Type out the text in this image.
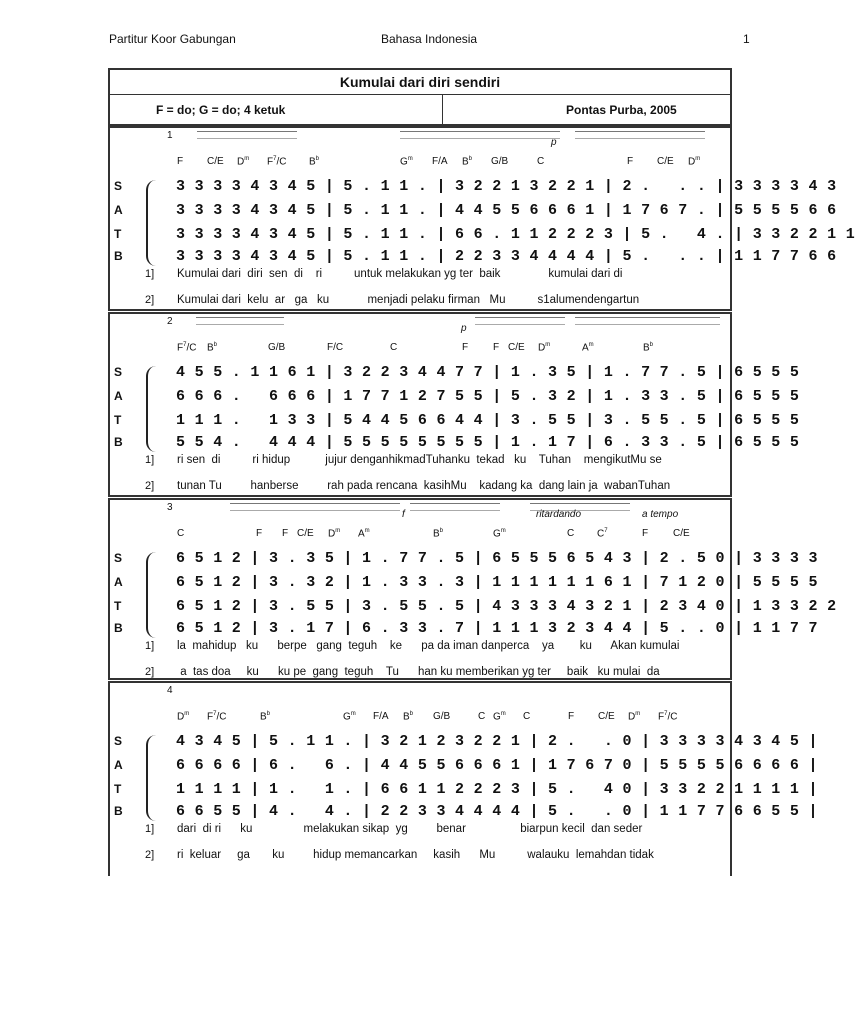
Partitur Koor Gabungan	Bahasa Indonesia	1
Kumulai dari diri sendiri
F = do; G = do; 4 ketuk	Pontas Purba, 2005
1
p
F C/E $D^m$ $F^7/C$ $B^b$	$G^m$ F/A $B^b$ G/B	C	F C/E $D^m$
S	3 3 3 3 4 3 4 5 | 5 . 1 1 . | 3 2 2 1 3 2 2 1 | 2 .   . . | 3 3 3 3 4 3
A	3 3 3 3 4 3 4 5 | 5 . 1 1 . | 4 4 5 5 6 6 6 1 | 1 7 6 7 . | 5 5 5 5 6 6
T	3 3 3 3 4 3 4 5 | 5 . 1 1 . | 6 6 . 1 1 2 2 2 3 | 5 .   4 . | 3 3 2 2 1 1
B	3 3 3 3 4 3 4 5 | 5 . 1 1 . | 2 2 3 3 4 4 4 4 | 5 .   . . | 1 1 7 7 6 6
1] Kumulai dari  diri  sen  di    ri          untuk melakukan yg ter  baik               kumulai dari di
2] Kumulai dari  kelu  ar   ga   ku            menjadi pelaku firman   Mu          s1alumendengartun
2
p
$F^7/C$ $B^b$	G/B	F/C	C	F F C/E $D^m$	$A^m$	$B^b$
S	4 5 5 . 1 1 6 1 | 3 2 2 3 4 4 7 7 | 1 . 3 5 | 1 . 7 7 . 5 | 6 5 5 5
A	6 6 6 .   6 6 6 | 1 7 7 1 2 7 5 5 | 5 . 3 2 | 1 . 3 3 . 5 | 6 5 5 5
T	1 1 1 .   1 3 3 | 5 4 4 5 6 6 4 4 | 3 . 5 5 | 3 . 5 5 . 5 | 6 5 5 5
B	5 5 4 .   4 4 4 | 5 5 5 5 5 5 5 5 | 1 . 1 7 | 6 . 3 3 . 5 | 6 5 5 5
1] ri sen  di          ri hidup           jujur denganhikmadTuhanku  tekad   ku    Tuhan    mengikutMu se
2] tunan Tu         hanberse         rah pada rencana  kasihMu    kadang ka  dang lain ja  wabanTuhan
3
f	ritardando	a tempo
C	F F C/E $D^m$ $A^m$	$B^b$	$G^m$	C $C^7$	F C/E
S	6 5 1 2 | 3 . 3 5 | 1 . 7 7 . 5 | 6 5 5 5 6 5 4 3 | 2 . 5 0 | 3 3 3 3
A	6 5 1 2 | 3 . 3 2 | 1 . 3 3 . 3 | 1 1 1 1 1 1 6 1 | 7 1 2 0 | 5 5 5 5
T	6 5 1 2 | 3 . 5 5 | 3 . 5 5 . 5 | 4 3 3 3 4 3 2 1 | 2 3 4 0 | 1 3 3 2 2
B	6 5 1 2 | 3 . 1 7 | 6 . 3 3 . 7 | 1 1 1 3 2 3 4 4 | 5 . . 0 | 1 1 7 7
1] la  mahidup   ku      berpe   gang  teguh    ke      pa da iman danperca    ya        ku      Akan kumulai
2] a  tas doa     ku      ku pe  gang  teguh    Tu      han ku memberikan yg ter     baik   ku mulai  da
4
$D^m$ $F^7/C$	$B^b$	$G^m$ F/A $B^b$ G/B	C $G^m$ C	F C/E $D^m$ $F^7/C$
S	4 3 4 5 | 5 . 1 1 . | 3 2 1 2 3 2 2 1 | 2 .   . 0 | 3 3 3 3 4 3 4 5 |
A	6 6 6 6 | 6 .   6 . | 4 4 5 5 6 6 6 1 | 1 7 6 7 0 | 5 5 5 5 6 6 6 6 |
T	1 1 1 1 | 1 .   1 . | 6 6 1 1 2 2 2 3 | 5 .   4 0 | 3 3 2 2 1 1 1 1 |
B	6 6 5 5 | 4 .   4 . | 2 2 3 3 4 4 4 4 | 5 .   . 0 | 1 1 7 7 6 6 5 5 |
1] dari  di ri      ku                melakukan sikap  yg         benar                 biarpun kecil  dan seder
2] ri  keluar     ga       ku         hidup memancarkan     kasih      Mu          walauku  lemahdan tidak
